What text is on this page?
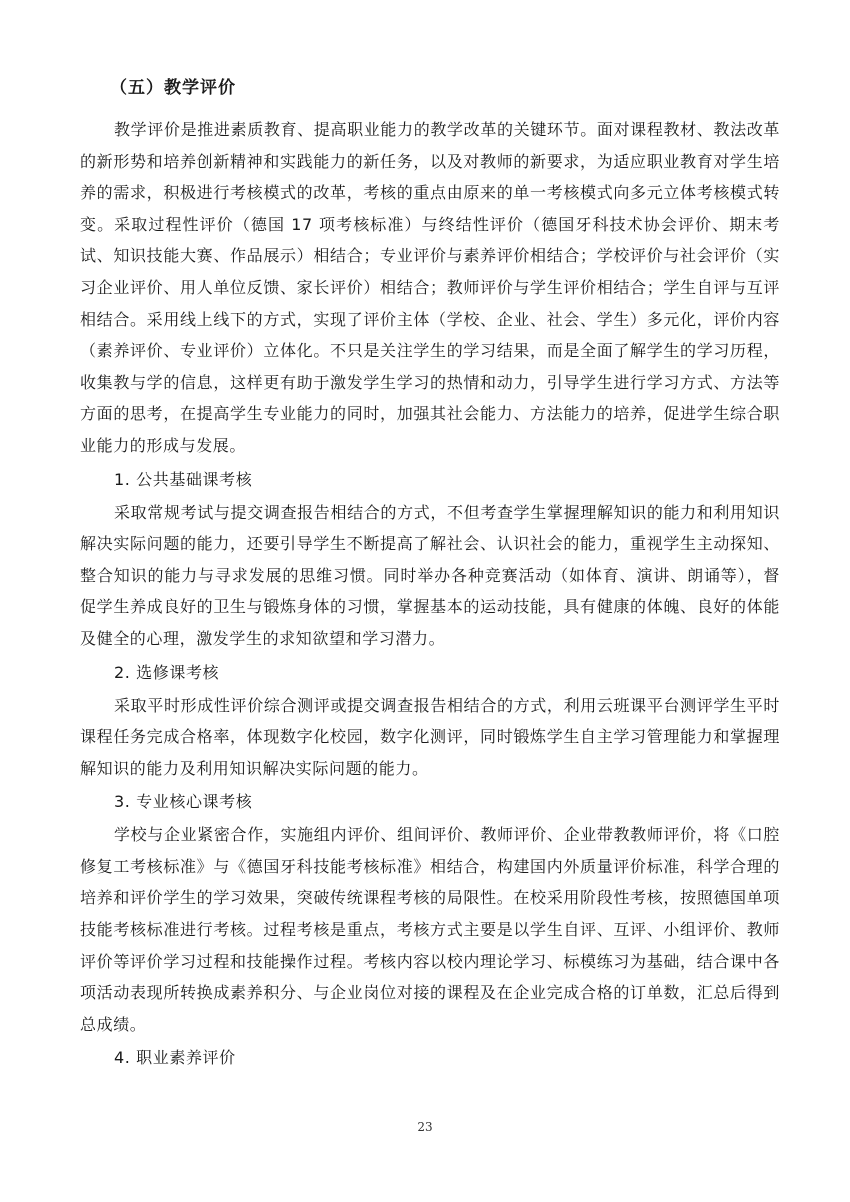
（五）教学评价

教学评价是推进素质教育、提高职业能力的教学改革的关键环节。面对课程教材、教法改革的新形势和培养创新精神和实践能力的新任务，以及对教师的新要求，为适应职业教育对学生培养的需求，积极进行考核模式的改革，考核的重点由原来的单一考核模式向多元立体考核模式转变。采取过程性评价（德国 17 项考核标准）与终结性评价（德国牙科技术协会评价、期末考试、知识技能大赛、作品展示）相结合；专业评价与素养评价相结合；学校评价与社会评价（实习企业评价、用人单位反馈、家长评价）相结合；教师评价与学生评价相结合；学生自评与互评相结合。采用线上线下的方式，实现了评价主体（学校、企业、社会、学生）多元化，评价内容（素养评价、专业评价）立体化。不只是关注学生的学习结果，而是全面了解学生的学习历程，收集教与学的信息，这样更有助于激发学生学习的热情和动力，引导学生进行学习方式、方法等方面的思考，在提高学生专业能力的同时，加强其社会能力、方法能力的培养，促进学生综合职业能力的形成与发展。

1. 公共基础课考核

采取常规考试与提交调查报告相结合的方式，不但考查学生掌握理解知识的能力和利用知识解决实际问题的能力，还要引导学生不断提高了解社会、认识社会的能力，重视学生主动探知、整合知识的能力与寻求发展的思维习惯。同时举办各种竞赛活动（如体育、演讲、朗诵等），督促学生养成良好的卫生与锻炼身体的习惯，掌握基本的运动技能，具有健康的体魄、良好的体能及健全的心理，激发学生的求知欲望和学习潜力。

2. 选修课考核

采取平时形成性评价综合测评或提交调查报告相结合的方式，利用云班课平台测评学生平时课程任务完成合格率，体现数字化校园，数字化测评，同时锻炼学生自主学习管理能力和掌握理解知识的能力及利用知识解决实际问题的能力。

3. 专业核心课考核

学校与企业紧密合作，实施组内评价、组间评价、教师评价、企业带教教师评价，将《口腔修复工考核标准》与《德国牙科技能考核标准》相结合，构建国内外质量评价标准，科学合理的培养和评价学生的学习效果，突破传统课程考核的局限性。在校采用阶段性考核，按照德国单项技能考核标准进行考核。过程考核是重点，考核方式主要是以学生自评、互评、小组评价、教师评价等评价学习过程和技能操作过程。考核内容以校内理论学习、标模练习为基础，结合课中各项活动表现所转换成素养积分、与企业岗位对接的课程及在企业完成合格的订单数，汇总后得到总成绩。

4. 职业素养评价
23
